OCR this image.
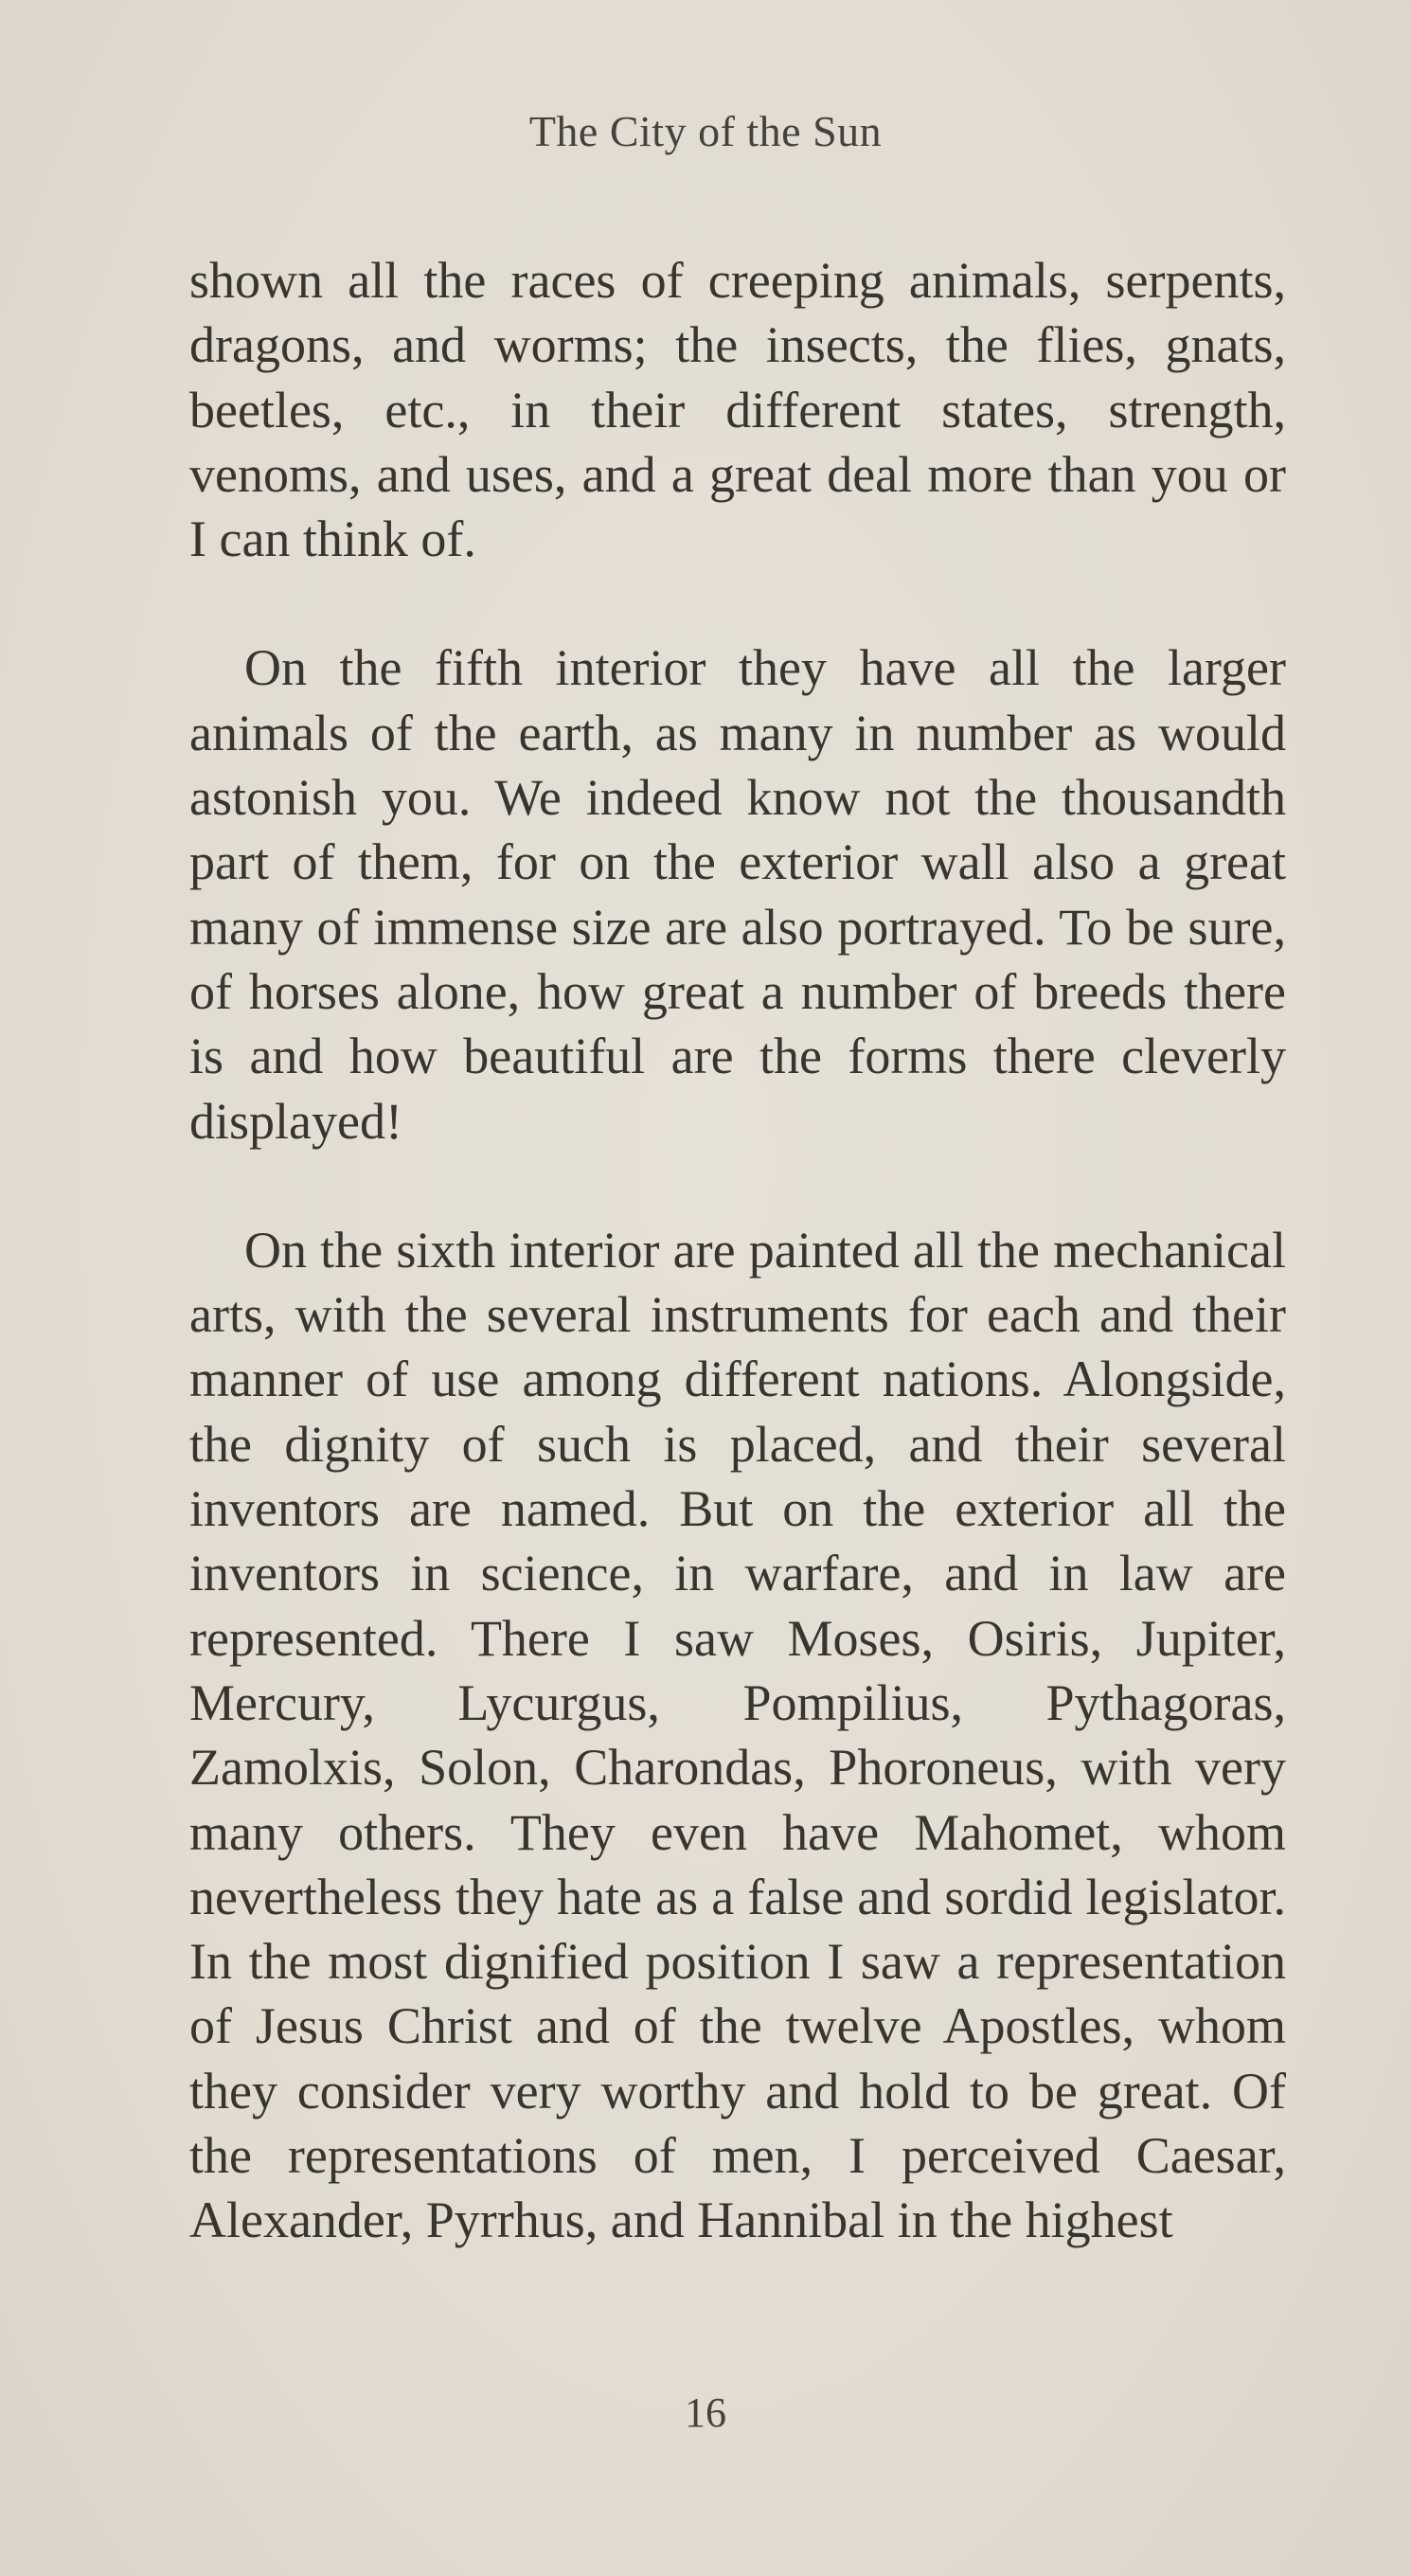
The City of the Sun

shown all the races of creeping animals, serpents, dragons, and worms; the insects, the flies, gnats, beetles, etc., in their different states, strength, venoms, and uses, and a great deal more than you or I can think of.

On the fifth interior they have all the larger animals of the earth, as many in number as would astonish you. We indeed know not the thousandth part of them, for on the exterior wall also a great many of immense size are also portrayed. To be sure, of horses alone, how great a number of breeds there is and how beautiful are the forms there cleverly displayed!

On the sixth interior are painted all the mechanical arts, with the several instruments for each and their manner of use among different nations. Alongside, the dignity of such is placed, and their several inventors are named. But on the exterior all the inventors in science, in warfare, and in law are represented. There I saw Moses, Osiris, Jupiter, Mercury, Lycurgus, Pompilius, Pythagoras, Zamolxis, Solon, Charondas, Phoroneus, with very many others. They even have Mahomet, whom nevertheless they hate as a false and sordid legislator. In the most dignified position I saw a representation of Jesus Christ and of the twelve Apostles, whom they consider very worthy and hold to be great. Of the representations of men, I perceived Caesar, Alexander, Pyrrhus, and Hannibal in the highest

16
